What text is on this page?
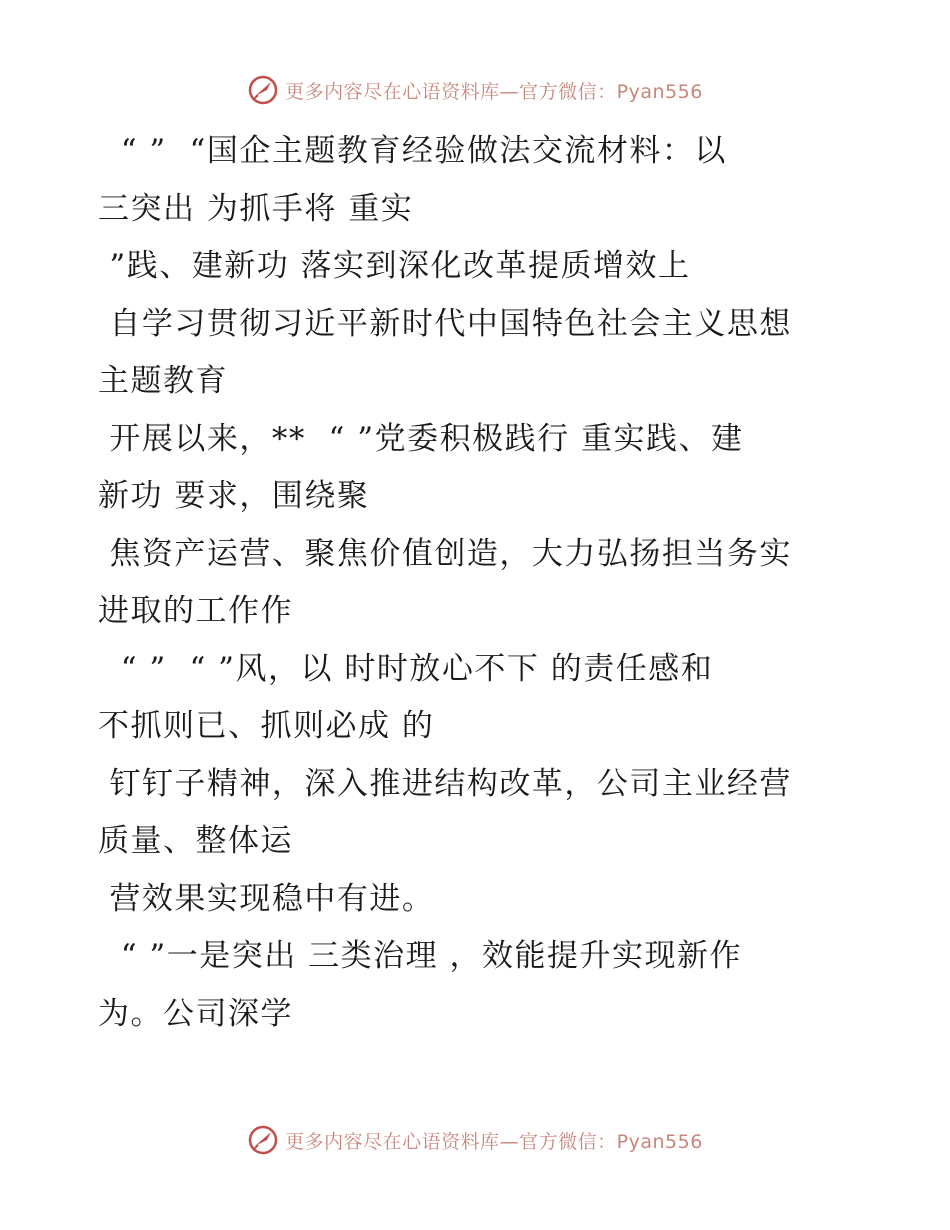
更多内容尽在心语资料库—官方微信：Pyan556
“ ”  “国企主题教育经验做法交流材料：以
三突出 为抓手将 重实
”践、建新功 落实到深化改革提质增效上
自学习贯彻习近平新时代中国特色社会主义思想
主题教育
开展以来，**  “ ”党委积极践行 重实践、建
新功 要求，围绕聚
焦资产运营、聚焦价值创造，大力弘扬担当务实
进取的工作作
“ ”  “ ”风，以 时时放心不下 的责任感和
不抓则已、抓则必成 的
钉钉子精神，深入推进结构改革，公司主业经营
质量、整体运
营效果实现稳中有进。
“ ”一是突出 三类治理 ，效能提升实现新作
为。公司深学
更多内容尽在心语资料库—官方微信：Pyan556
